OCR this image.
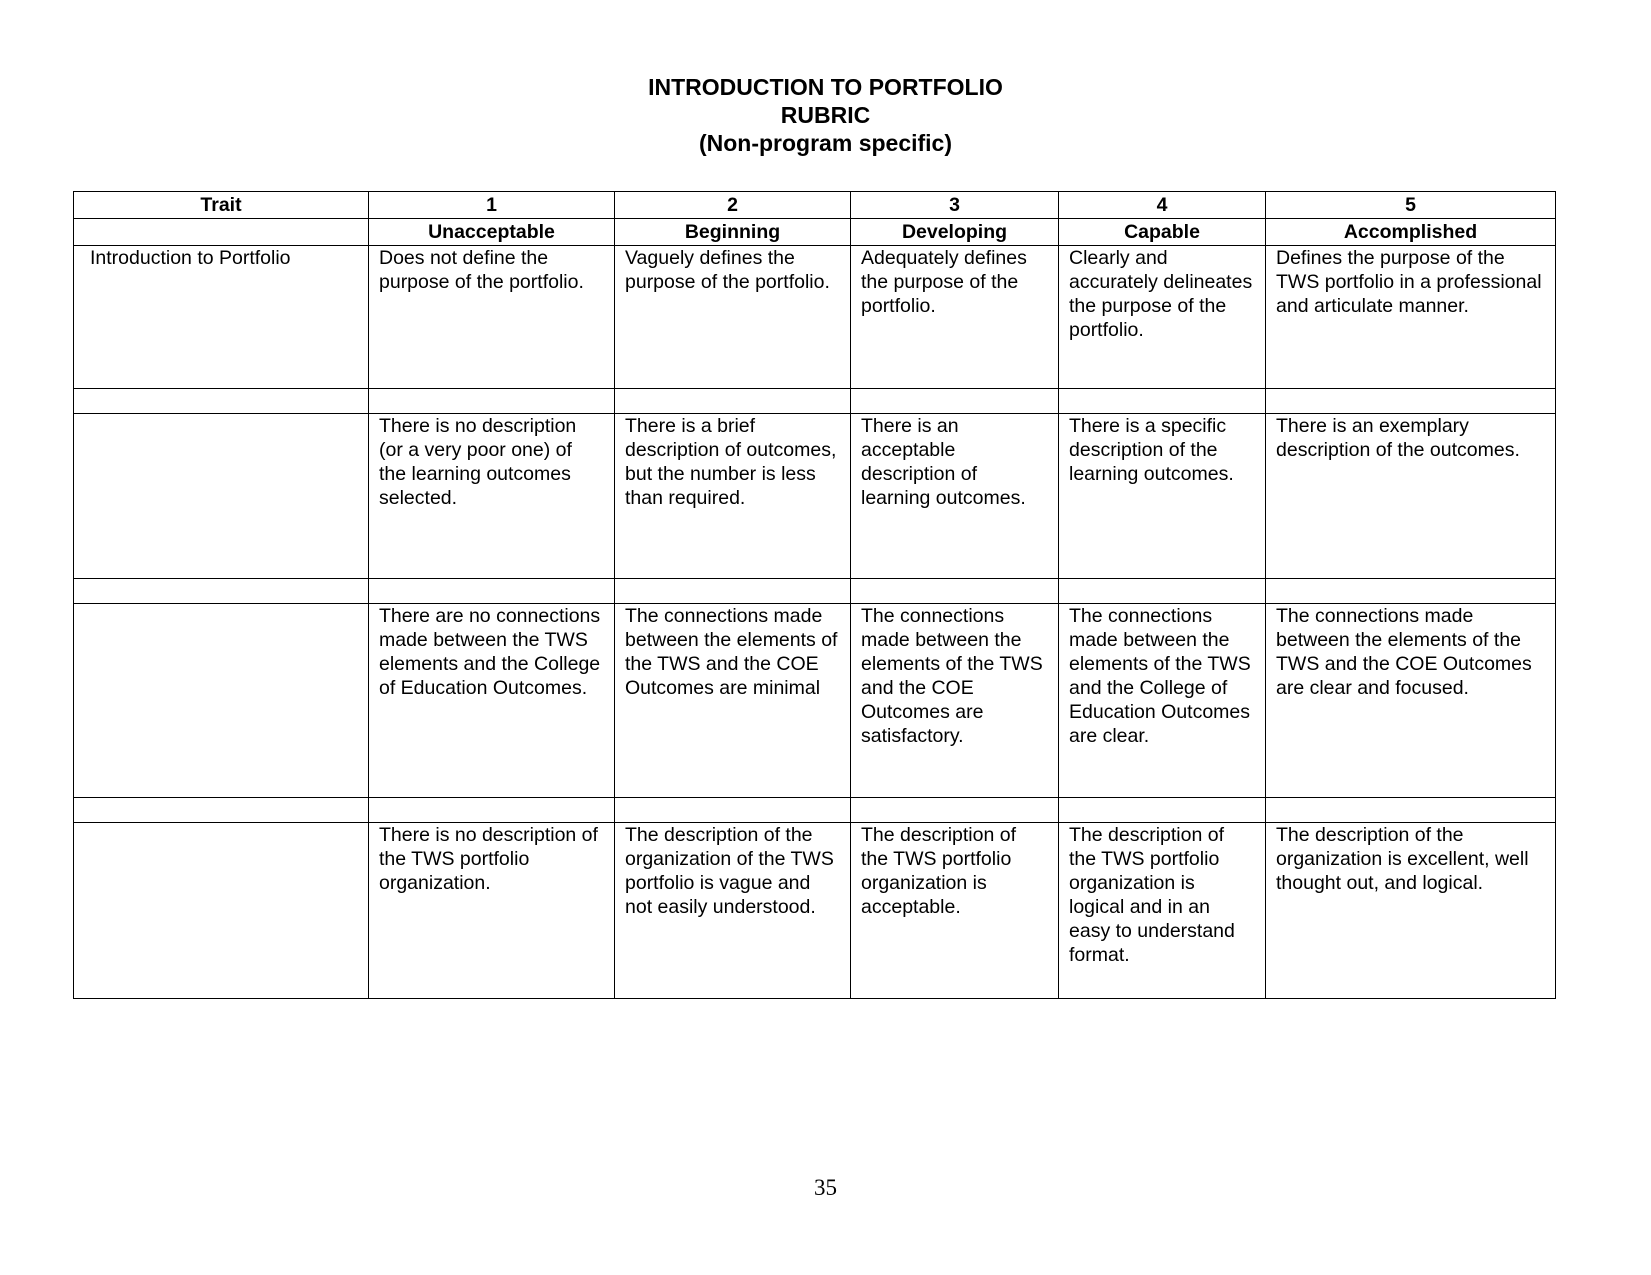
INTRODUCTION TO PORTFOLIO
RUBRIC
(Non-program specific)
Trait	1	2	3	4	5
	Unacceptable	Beginning	Developing	Capable	Accomplished
Introduction to Portfolio	Does not define the purpose of the portfolio.	Vaguely defines the purpose of the portfolio.	Adequately defines the purpose of the portfolio.	Clearly and accurately delineates the purpose of the portfolio.	Defines the purpose of the TWS portfolio in a professional and articulate manner.

	There is no description (or a very poor one) of the learning outcomes selected.	There is a brief description of outcomes, but the number is less than required.	There is an acceptable description of learning outcomes.	There is a specific description of the learning outcomes.	There is an exemplary description of the outcomes.

	There are no connections made between the TWS elements and the College of Education Outcomes.	The connections made between the elements of the TWS and the COE Outcomes are minimal	The connections made between the elements of the TWS and the COE Outcomes are satisfactory.	The connections made between the elements of the TWS and the College of Education Outcomes are clear.	The connections made between the elements of the TWS and the COE Outcomes are clear and focused.

	There is no description of the TWS portfolio organization.	The description of the organization of the TWS portfolio is vague and not easily understood.	The description of the TWS portfolio organization is acceptable.	The description of the TWS portfolio organization is logical and in an easy to understand format.	The description of the organization is excellent, well thought out, and logical.
35
